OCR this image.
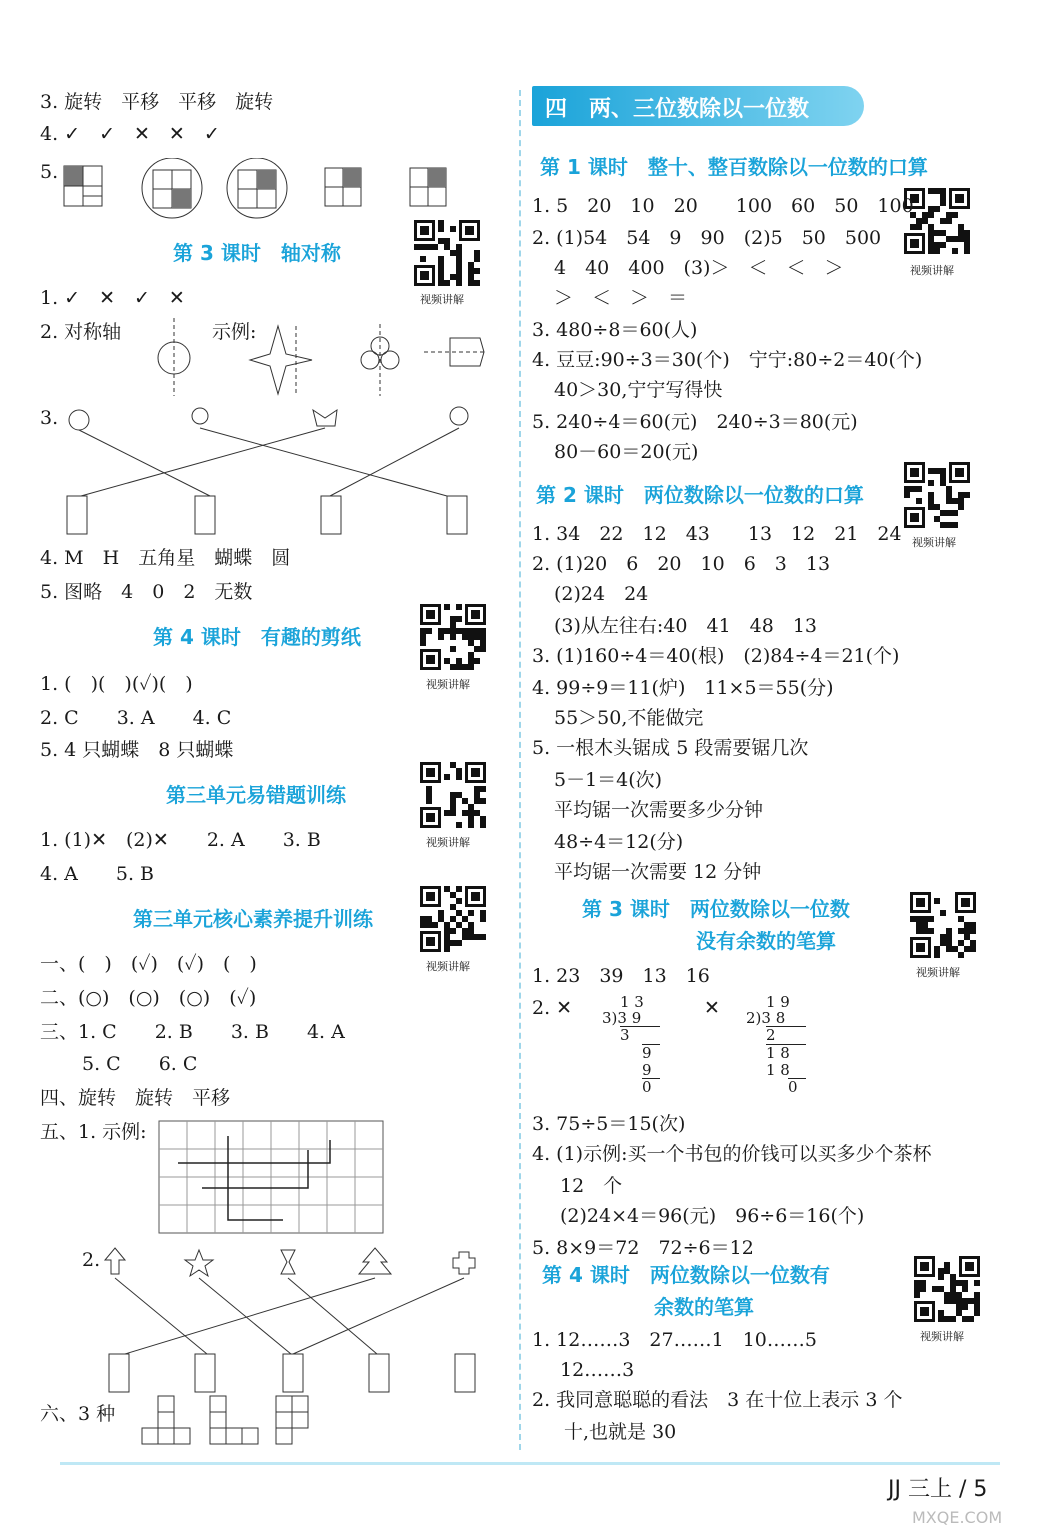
四　两、三位数除以一位数
3. 旋转　平移　平移　旋转
4. ✓　✓　✕　✕　✓
5.
第 3 课时　轴对称
视频讲解
1. ✓　✕　✓　✕
2. 对称轴	示例:
3.
4. M　H　五角星　蝴蝶　圆
5. 图略　4　0　2　无数
第 4 课时　有趣的剪纸
视频讲解
1. (　)(　)(✓)(　)
2. C　　3. A　　4. C
5. 4 只蝴蝶　8 只蝴蝶
第三单元易错题训练
视频讲解
1. (1)✕　(2)✕　　2. A　　3. B
4. A　　5. B
第三单元核心素养提升训练
视频讲解
一、(　)　(✓)　(✓)　(　)
二、(○)　(○)　(○)　(✓)
三、1. C　　2. B　　3. B　　4. A
5. C　　6. C
四、旋转　旋转　平移
五、1. 示例:
2.
六、3 种
第 1 课时　整十、整百数除以一位数的口算
视频讲解
1. 5　20　10　20　　100　60　50　100
2. (1)54　54　9　90　(2)5　50　500
4　40　400　(3)＞　＜　＜　＞
＞　＜　＞　＝
3. 480÷8＝60(人)
4. 豆豆:90÷3＝30(个)　宁宁:80÷2＝40(个)
40＞30,宁宁写得快
5. 240÷4＝60(元)　240÷3＝80(元)
80－60＝20(元)
第 2 课时　两位数除以一位数的口算
视频讲解
1. 34　22　12　43　　13　12　21　24
2. (1)20　6　20　10　6　3　13
(2)24　24
(3)从左往右:40　41　48　13
3. (1)160÷4＝40(根)　(2)84÷4＝21(个)
4. 99÷9＝11(炉)　11×5＝55(分)
55＞50,不能做完
5. 一根木头锯成 5 段需要锯几次
5－1＝4(次)
平均锯一次需要多少分钟
48÷4＝12(分)
平均锯一次需要 12 分钟
第 3 课时　两位数除以一位数
没有余数的笔算
视频讲解
1. 23　39　13　16
2. ✕	✕

1 3

3)3 9

3

9

9

0

1 9

2)3 8

2

1 8

1 8

0

3. 75÷5＝15(次)
4. (1)示例:买一个书包的价钱可以买多少个茶杯
12　个
(2)24×4＝96(元)　96÷6＝16(个)
5. 8×9＝72　72÷6＝12
第 4 课时　两位数除以一位数有
余数的笔算
视频讲解
1. 12……3　27……1　10……5
12……3
2. 我同意聪聪的看法　3 在十位上表示 3 个
十,也就是 30
JJ 三上 / 5
MXQE.COM
